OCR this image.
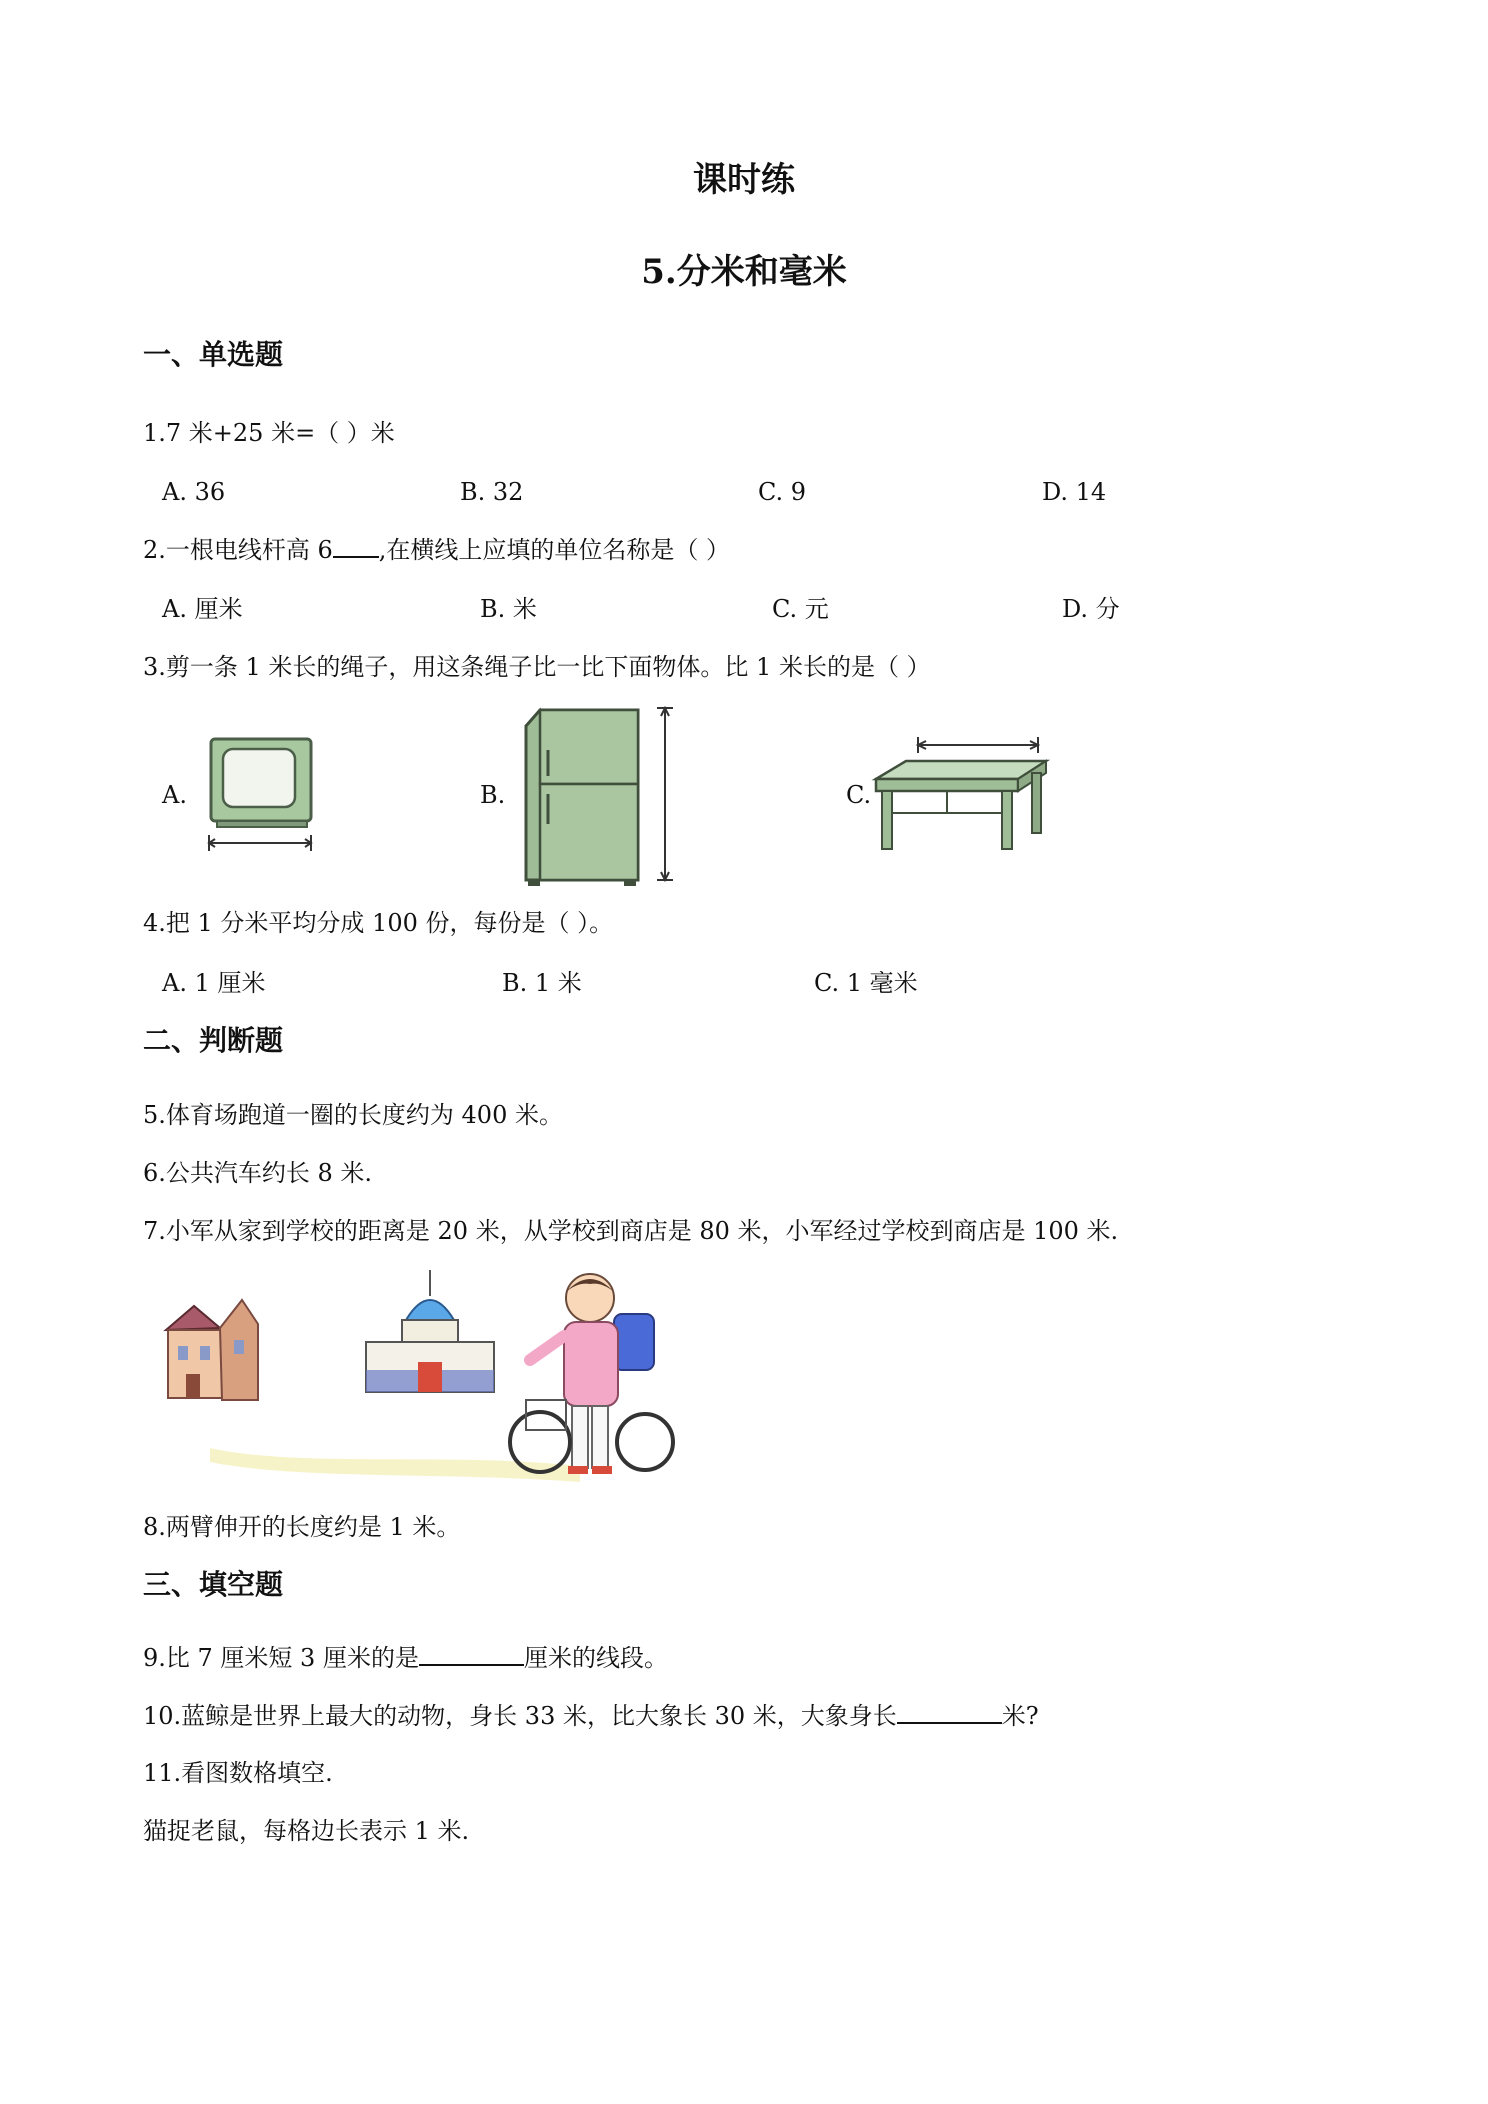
课时练
5.分米和毫米
一、单选题
1.7 米+25 米=（ ）米
A. 36	B. 32	C. 9	D. 14
2.一根电线杆高 6 ,在横线上应填的单位名称是（ ）
A. 厘米	B. 米	C. 元	D. 分
3.剪一条 1 米长的绳子，用这条绳子比一比下面物体。比 1 米长的是（ ）
A.	B.	C.
4.把 1 分米平均分成 100 份，每份是（ ）。
A. 1 厘米	B. 1 米	C. 1 毫米
二、判断题
5.体育场跑道一圈的长度约为 400 米。
6.公共汽车约长 8 米.
7.小军从家到学校的距离是 20 米，从学校到商店是 80 米，小军经过学校到商店是 100 米.
8.两臂伸开的长度约是 1 米。
三、填空题
9.比 7 厘米短 3 厘米的是	厘米的线段。
10.蓝鲸是世界上最大的动物，身长 33 米，比大象长 30 米，大象身长	米?
11.看图数格填空.
猫捉老鼠，每格边长表示 1 米.
